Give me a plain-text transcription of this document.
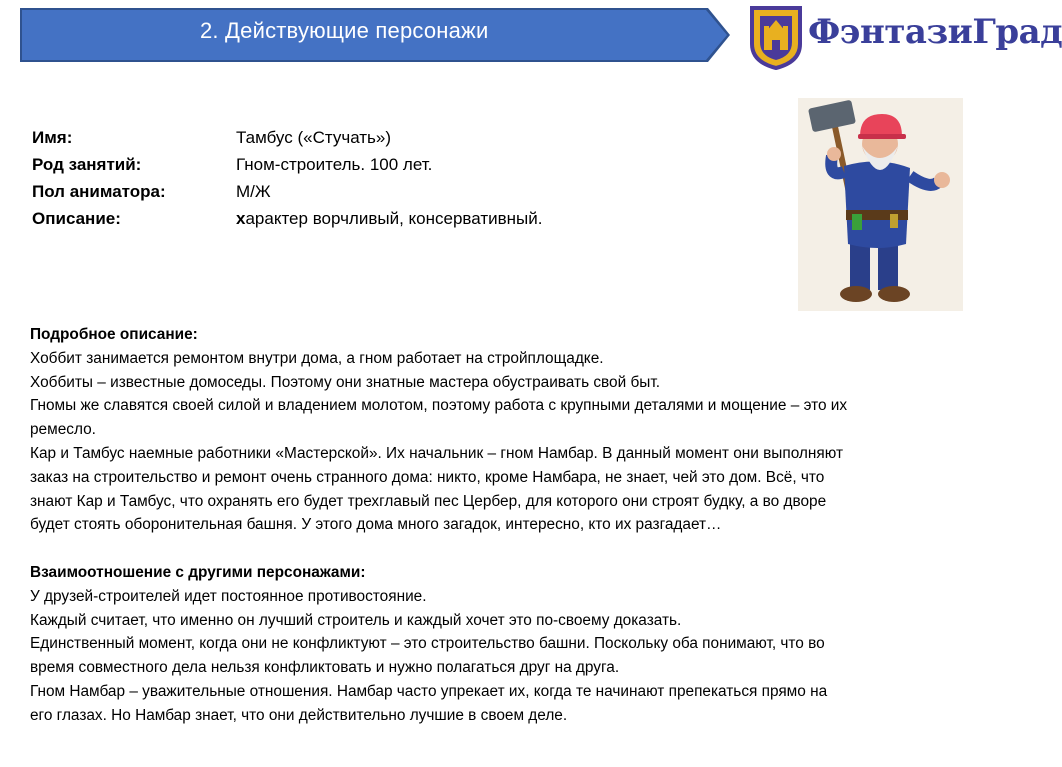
2. Действующие персонажи	ФэнтазиГрад
Имя:	Тамбус («Стучать»)
Род занятий:	Гном-строитель. 100 лет.
Пол аниматора:	М/Ж
Описание:	характер ворчливый, консервативный.

Подробное описание:

Хоббит занимается ремонтом внутри дома, а гном работает на стройплощадке.

Хоббиты – известные домоседы. Поэтому они знатные мастера обустраивать свой быт.

Гномы же славятся своей силой и владением молотом, поэтому работа с крупными деталями и мощение – это их

ремесло.

Кар и Тамбус наемные работники «Мастерской». Их начальник – гном Намбар. В данный момент они выполняют

заказ на строительство и ремонт очень странного дома: никто, кроме Намбара, не знает, чей это дом. Всё, что

знают Кар и Тамбус, что охранять его будет трехглавый пес Цербер, для которого они строят будку, а во дворе

будет стоять оборонительная башня. У этого дома много загадок, интересно, кто их разгадает…

Взаимоотношение с другими персонажами:

У друзей-строителей идет постоянное противостояние.

Каждый считает, что именно он лучший строитель и каждый хочет это по-своему доказать.

Единственный момент, когда они не конфликтуют – это строительство башни. Поскольку оба понимают, что во

время совместного дела нельзя конфликтовать и нужно полагаться друг на друга.

Гном Намбар – уважительные отношения. Намбар часто упрекает их, когда те начинают препекаться прямо на

его глазах. Но Намбар знает, что они действительно лучшие в своем деле.
